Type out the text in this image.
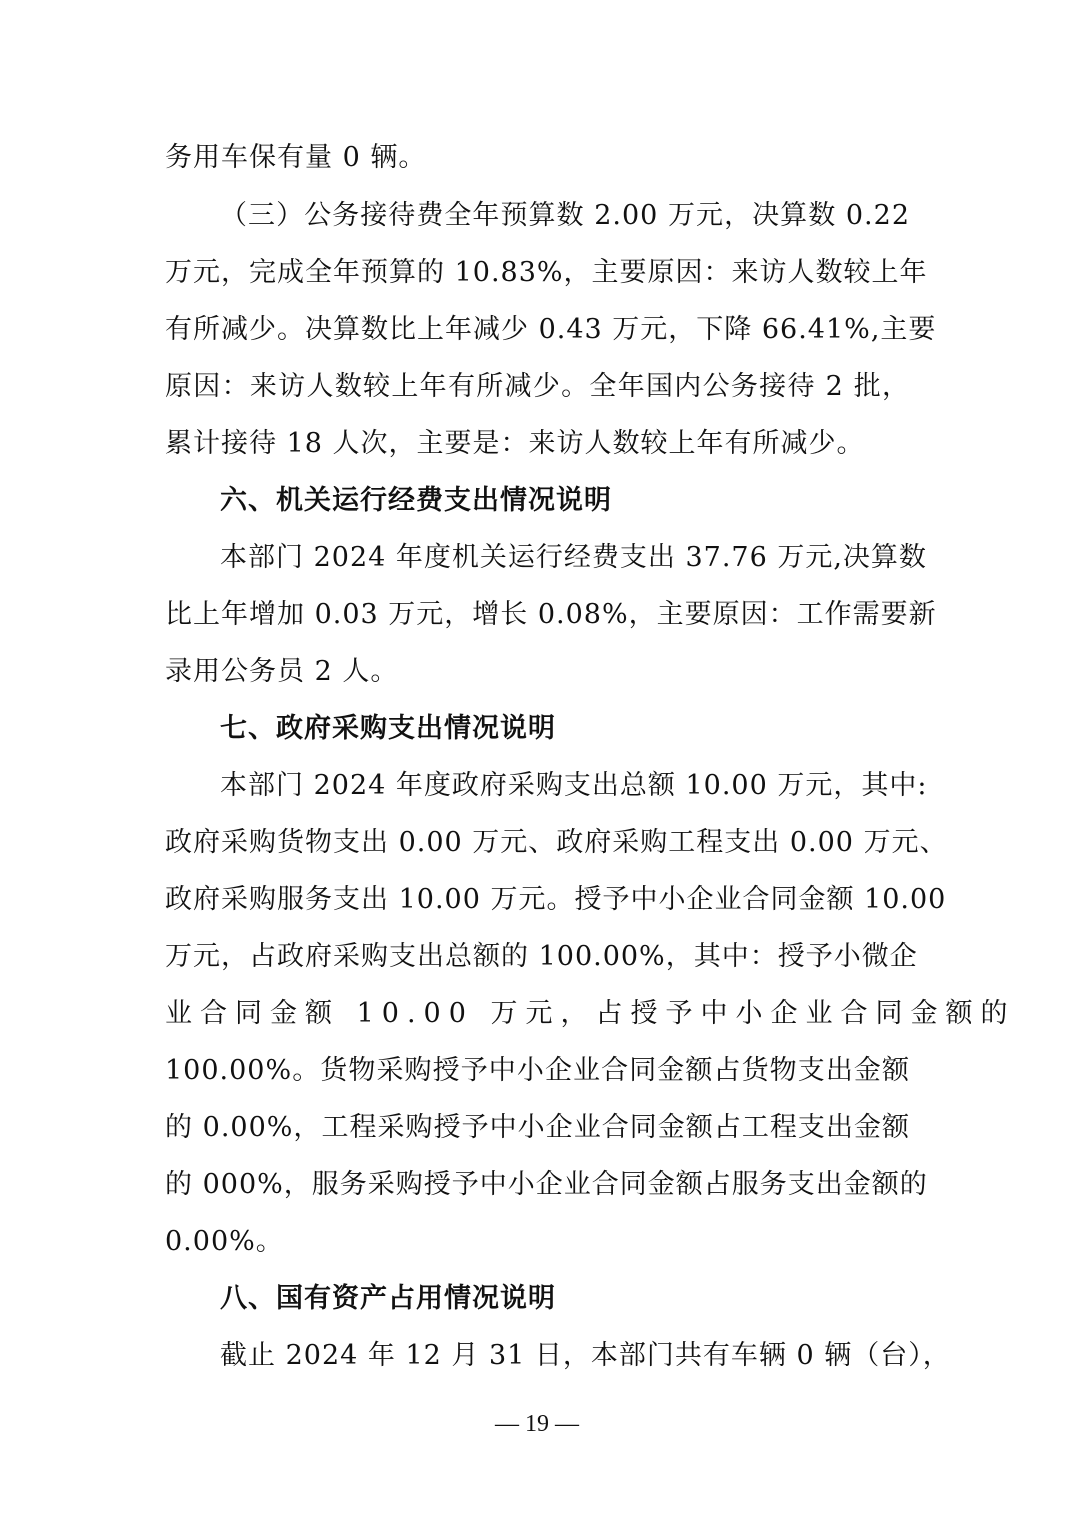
务用车保有量 0 辆。
（三）公务接待费全年预算数 2.00 万元，决算数 0.22
万元，完成全年预算的 10.83%，主要原因：来访人数较上年
有所减少。决算数比上年减少 0.43 万元，下降 66.41%,主要
原因：来访人数较上年有所减少。全年国内公务接待 2 批，
累计接待 18 人次，主要是：来访人数较上年有所减少。
六、机关运行经费支出情况说明
本部门 2024 年度机关运行经费支出 37.76 万元,决算数
比上年增加 0.03 万元，增长 0.08%，主要原因：工作需要新
录用公务员 2 人。
七、政府采购支出情况说明
本部门 2024 年度政府采购支出总额 10.00 万元，其中:
政府采购货物支出 0.00 万元、政府采购工程支出 0.00 万元、
政府采购服务支出 10.00 万元。授予中小企业合同金额 10.00
万元，占政府采购支出总额的 100.00%，其中：授予小微企
业合同金额 10.00 万元，占授予中小企业合同金额的
100.00%。货物采购授予中小企业合同金额占货物支出金额
的 0.00%，工程采购授予中小企业合同金额占工程支出金额
的 000%，服务采购授予中小企业合同金额占服务支出金额的
0.00%。
八、国有资产占用情况说明
截止 2024 年 12 月 31 日，本部门共有车辆 0 辆（台），
— 19 —
